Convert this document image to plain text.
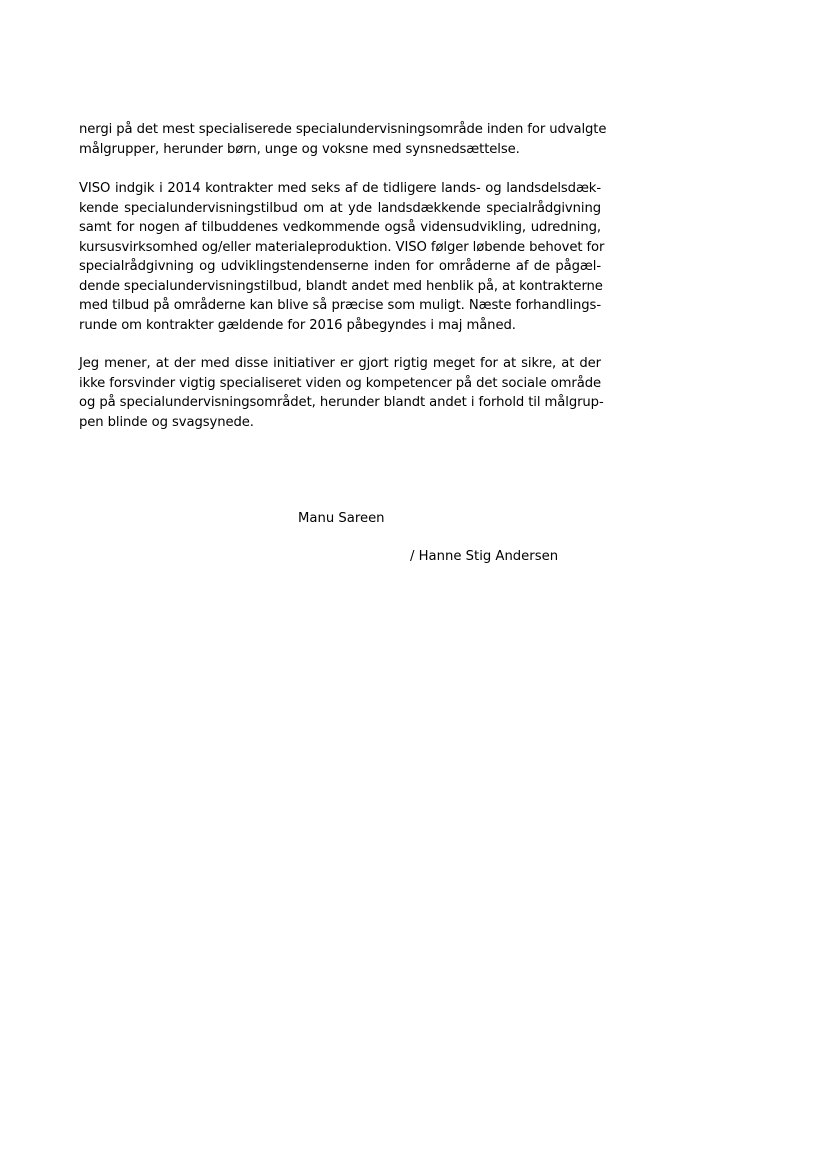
nergi på det mest specialiserede specialundervisningsområde inden for udvalgte
målgrupper, herunder børn, unge og voksne med synsnedsættelse.

VISO indgik i 2014 kontrakter med seks af de tidligere lands- og landsdelsdæk-
kende specialundervisningstilbud om at yde landsdækkende specialrådgivning
samt for nogen af tilbuddenes vedkommende også vidensudvikling, udredning,
kursusvirksomhed og/eller materialeproduktion. VISO følger løbende behovet for
specialrådgivning og udviklingstendenserne inden for områderne af de pågæl-
dende specialundervisningstilbud, blandt andet med henblik på, at kontrakterne
med tilbud på områderne kan blive så præcise som muligt. Næste forhandlings-
runde om kontrakter gældende for 2016 påbegyndes i maj måned.

Jeg mener, at der med disse initiativer er gjort rigtig meget for at sikre, at der
ikke forsvinder vigtig specialiseret viden og kompetencer på det sociale område
og på specialundervisningsområdet, herunder blandt andet i forhold til målgrup-
pen blinde og svagsynede.

Manu Sareen
/ Hanne Stig Andersen
